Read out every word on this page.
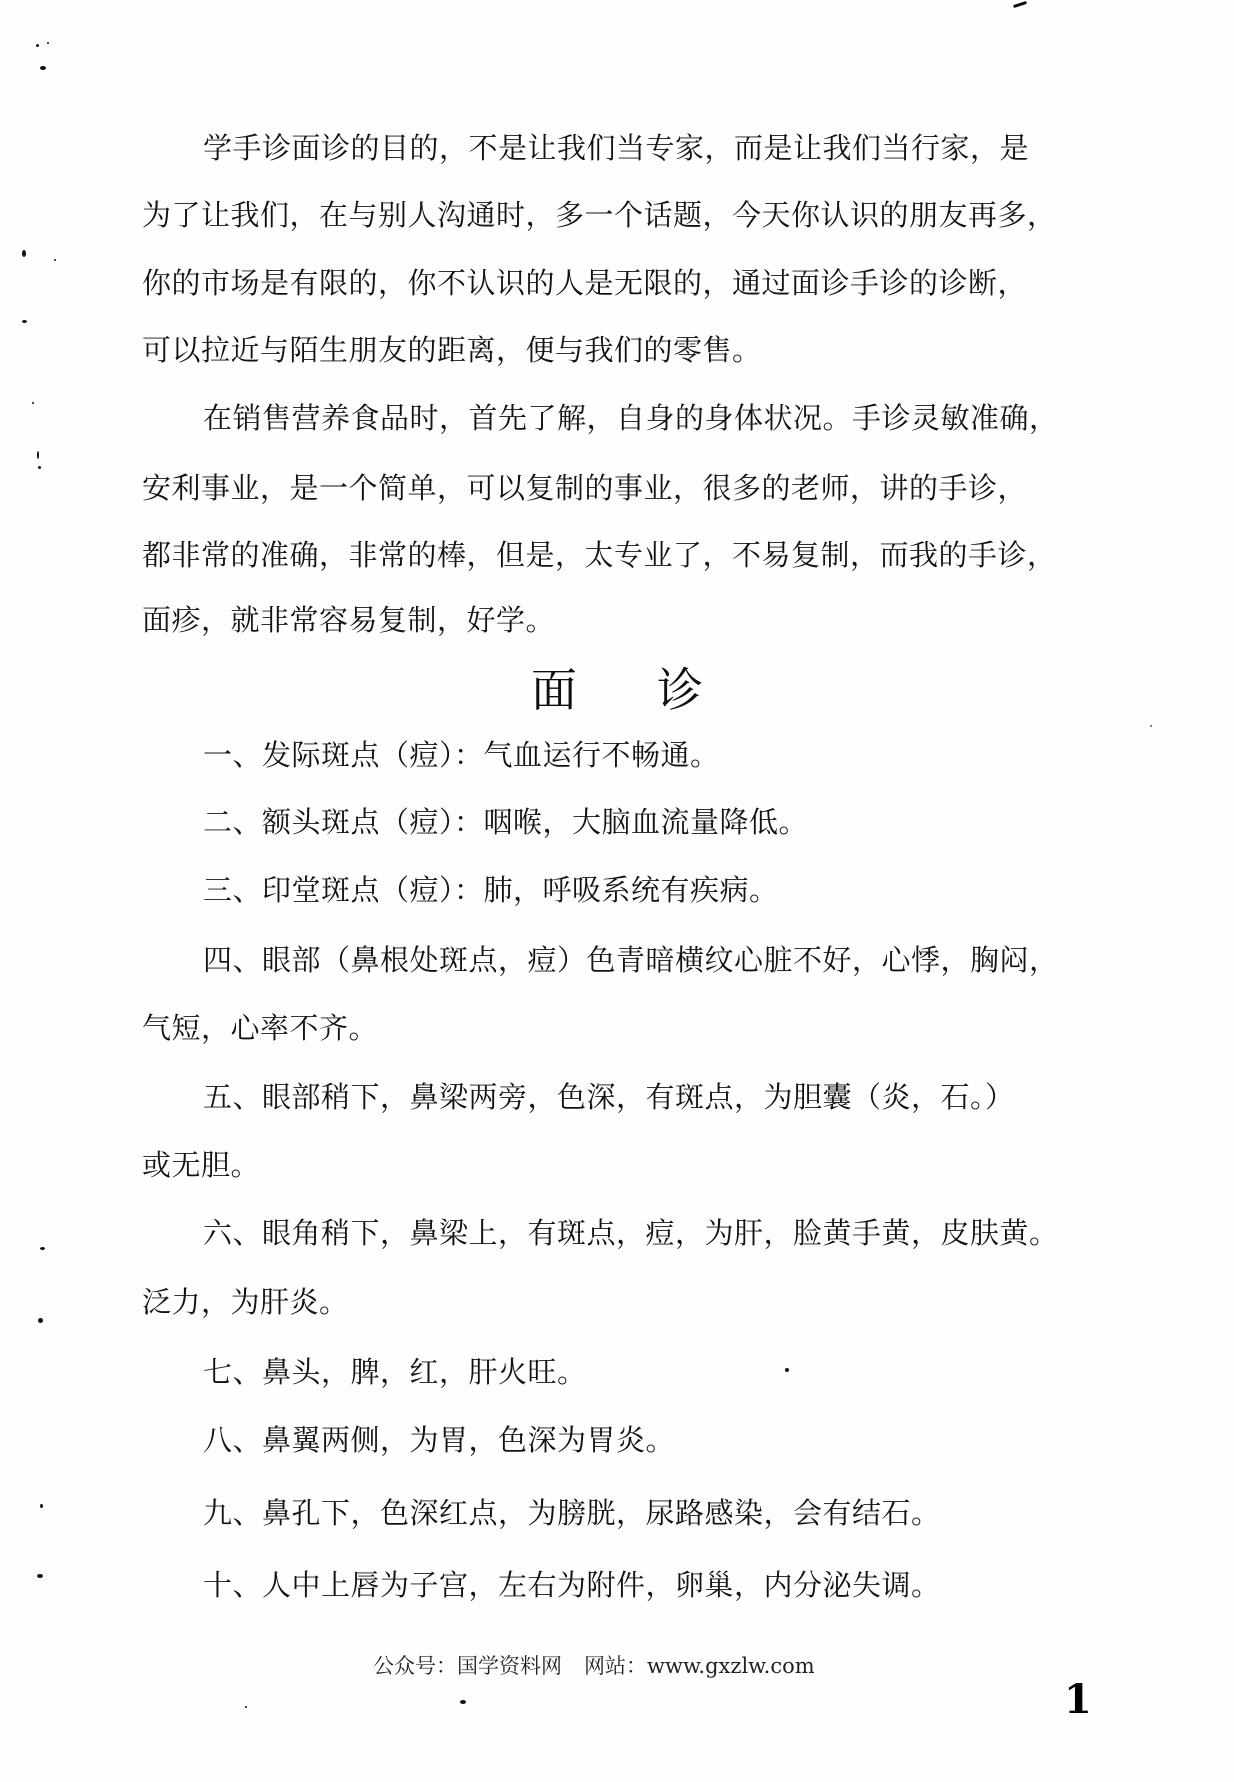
学手诊面诊的目的，不是让我们当专家，而是让我们当行家，是
为了让我们，在与别人沟通时，多一个话题，今天你认识的朋友再多，
你的市场是有限的，你不认识的人是无限的，通过面诊手诊的诊断，
可以拉近与陌生朋友的距离，便与我们的零售。
在销售营养食品时，首先了解，自身的身体状况。手诊灵敏准确，
安利事业，是一个简单，可以复制的事业，很多的老师，讲的手诊，
都非常的准确，非常的棒，但是，太专业了，不易复制，而我的手诊，
面疹，就非常容易复制，好学。
面 诊
一、发际斑点（痘）：气血运行不畅通。
二、额头斑点（痘）：咽喉，大脑血流量降低。
三、印堂斑点（痘）：肺，呼吸系统有疾病。
四、眼部（鼻根处斑点，痘）色青暗横纹心脏不好，心悸，胸闷，
气短，心率不齐。
五、眼部稍下，鼻梁两旁，色深，有斑点，为胆囊（炎，石。）
或无胆。
六、眼角稍下，鼻梁上，有斑点，痘，为肝，脸黄手黄，皮肤黄。
泛力，为肝炎。
七、鼻头，脾，红，肝火旺。
八、鼻翼两侧，为胃，色深为胃炎。
九、鼻孔下，色深红点，为膀胱，尿路感染，会有结石。
十、人中上唇为子宫，左右为附件，卵巢，内分泌失调。
公众号：国学资料网 网站：www.gxzlw.com
1
